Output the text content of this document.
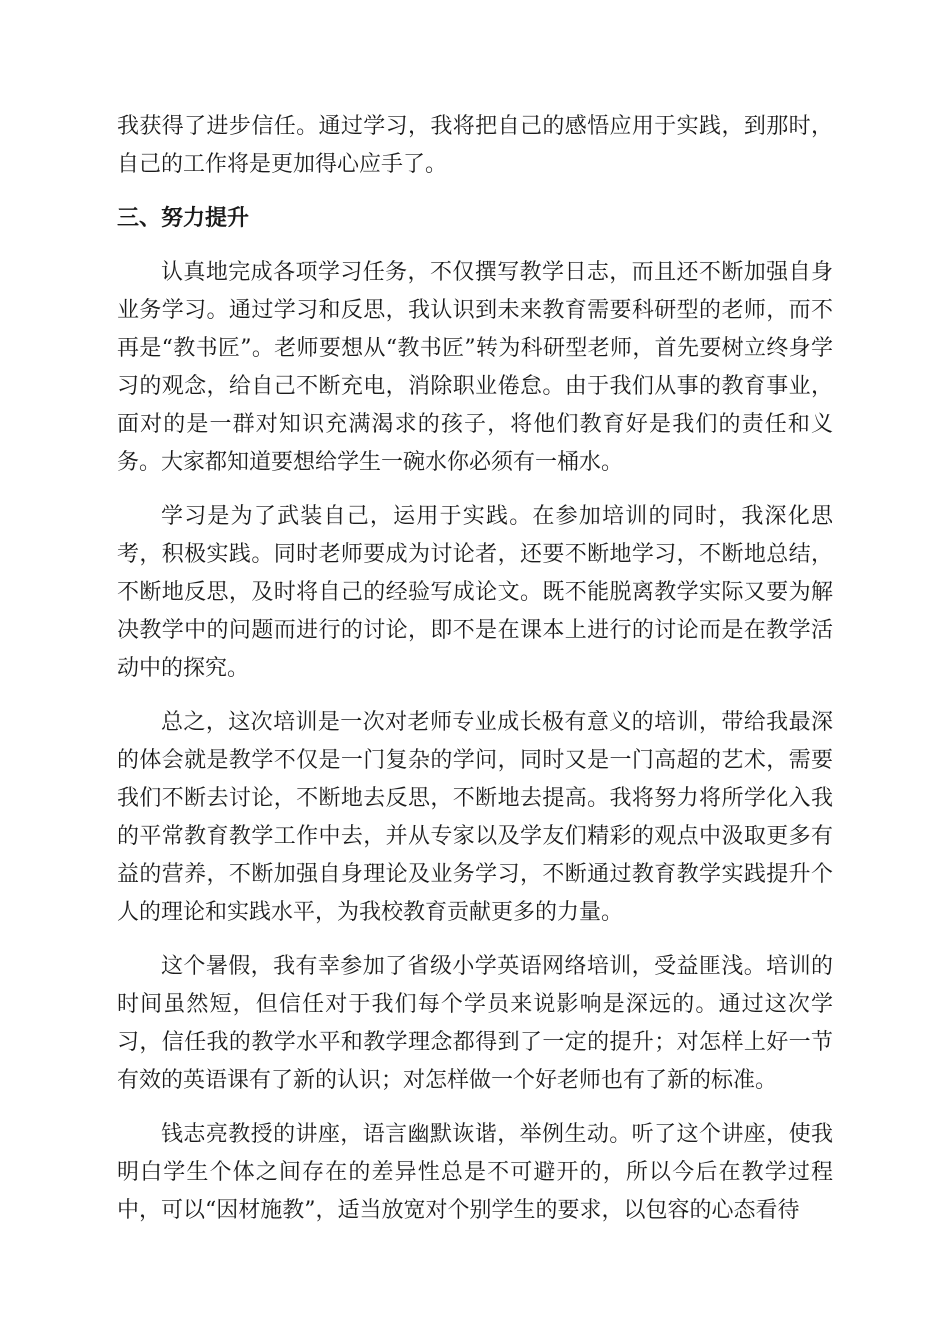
我获得了进步信任。通过学习，我将把自己的感悟应用于实践，到那时，自己的工作将是更加得心应手了。

三、努力提升

认真地完成各项学习任务，不仅撰写教学日志，而且还不断加强自身业务学习。通过学习和反思，我认识到未来教育需要科研型的老师，而不再是“教书匠”。老师要想从“教书匠”转为科研型老师，首先要树立终身学习的观念，给自己不断充电，消除职业倦怠。由于我们从事的教育事业，面对的是一群对知识充满渴求的孩子，将他们教育好是我们的责任和义务。大家都知道要想给学生一碗水你必须有一桶水。

学习是为了武装自己，运用于实践。在参加培训的同时，我深化思考，积极实践。同时老师要成为讨论者，还要不断地学习，不断地总结，不断地反思，及时将自己的经验写成论文。既不能脱离教学实际又要为解决教学中的问题而进行的讨论，即不是在课本上进行的讨论而是在教学活动中的探究。

总之，这次培训是一次对老师专业成长极有意义的培训，带给我最深的体会就是教学不仅是一门复杂的学问，同时又是一门高超的艺术，需要我们不断去讨论，不断地去反思，不断地去提高。我将努力将所学化入我的平常教育教学工作中去，并从专家以及学友们精彩的观点中汲取更多有益的营养，不断加强自身理论及业务学习，不断通过教育教学实践提升个人的理论和实践水平，为我校教育贡献更多的力量。

这个暑假，我有幸参加了省级小学英语网络培训，受益匪浅。培训的时间虽然短，但信任对于我们每个学员来说影响是深远的。通过这次学习，信任我的教学水平和教学理念都得到了一定的提升；对怎样上好一节有效的英语课有了新的认识；对怎样做一个好老师也有了新的标准。

钱志亮教授的讲座，语言幽默诙谐，举例生动。听了这个讲座，使我明白学生个体之间存在的差异性总是不可避开的，所以今后在教学过程中，可以“因材施教”，适当放宽对个别学生的要求，以包容的心态看待
